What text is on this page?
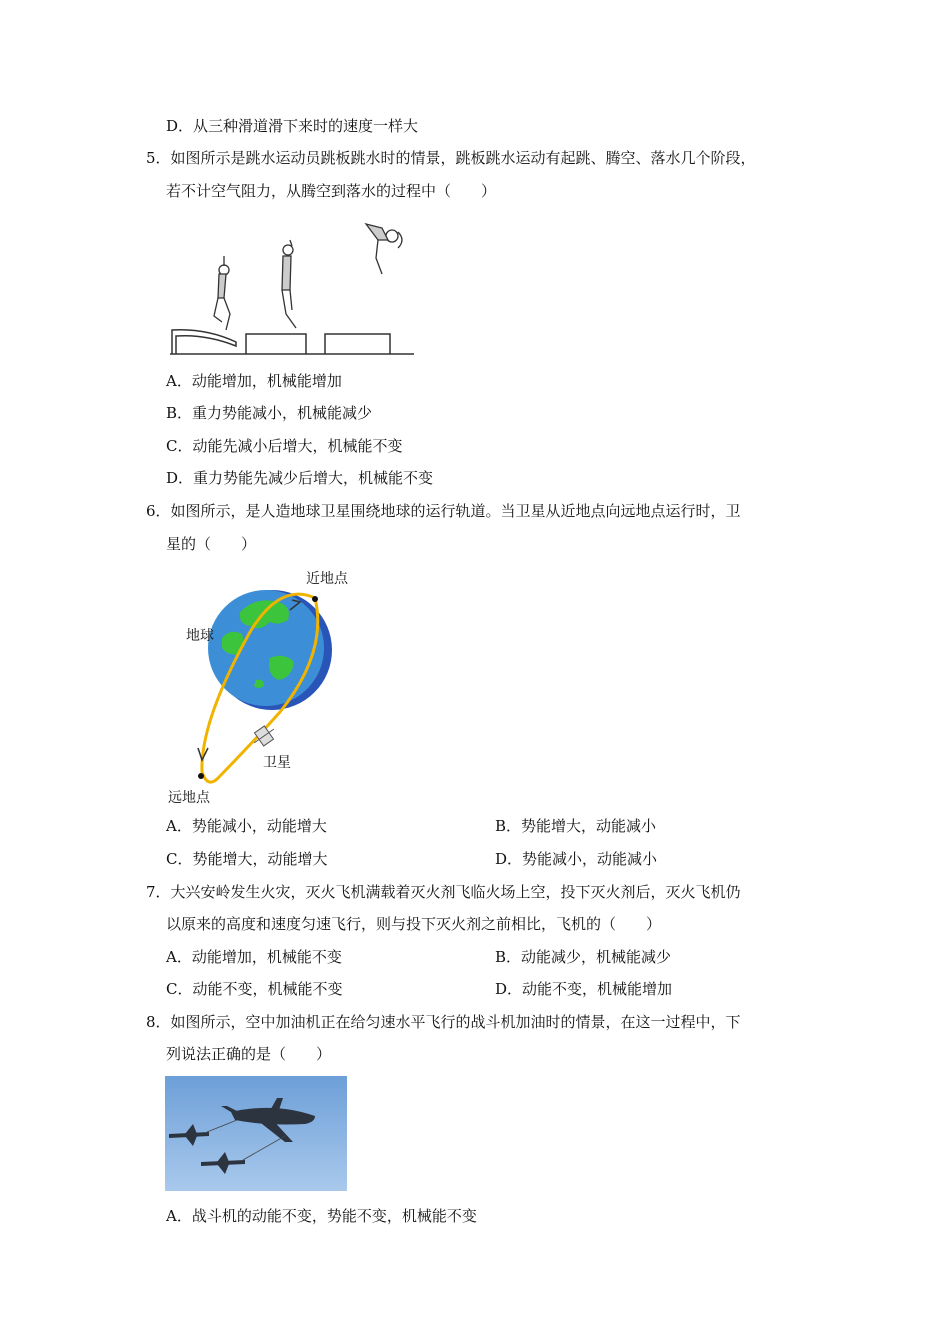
D．从三种滑道滑下来时的速度一样大
5．如图所示是跳水运动员跳板跳水时的情景，跳板跳水运动有起跳、腾空、落水几个阶段，
若不计空气阻力，从腾空到落水的过程中（　　）
A．动能增加，机械能增加
B．重力势能减小，机械能减少
C．动能先减小后增大，机械能不变
D．重力势能先减少后增大，机械能不变
6．如图所示，是人造地球卫星围绕地球的运行轨道。当卫星从近地点向远地点运行时，卫
星的（　　）
近地点
地球
卫星
远地点
A．势能减小，动能增大	B．势能增大，动能减小
C．势能增大，动能增大	D．势能减小，动能减小
7．大兴安岭发生火灾，灭火飞机满载着灭火剂飞临火场上空，投下灭火剂后，灭火飞机仍
以原来的高度和速度匀速飞行，则与投下灭火剂之前相比，飞机的（　　）
A．动能增加，机械能不变	B．动能减少，机械能减少
C．动能不变，机械能不变	D．动能不变，机械能增加
8．如图所示，空中加油机正在给匀速水平飞行的战斗机加油时的情景，在这一过程中，下
列说法正确的是（　　）
A．战斗机的动能不变，势能不变，机械能不变
